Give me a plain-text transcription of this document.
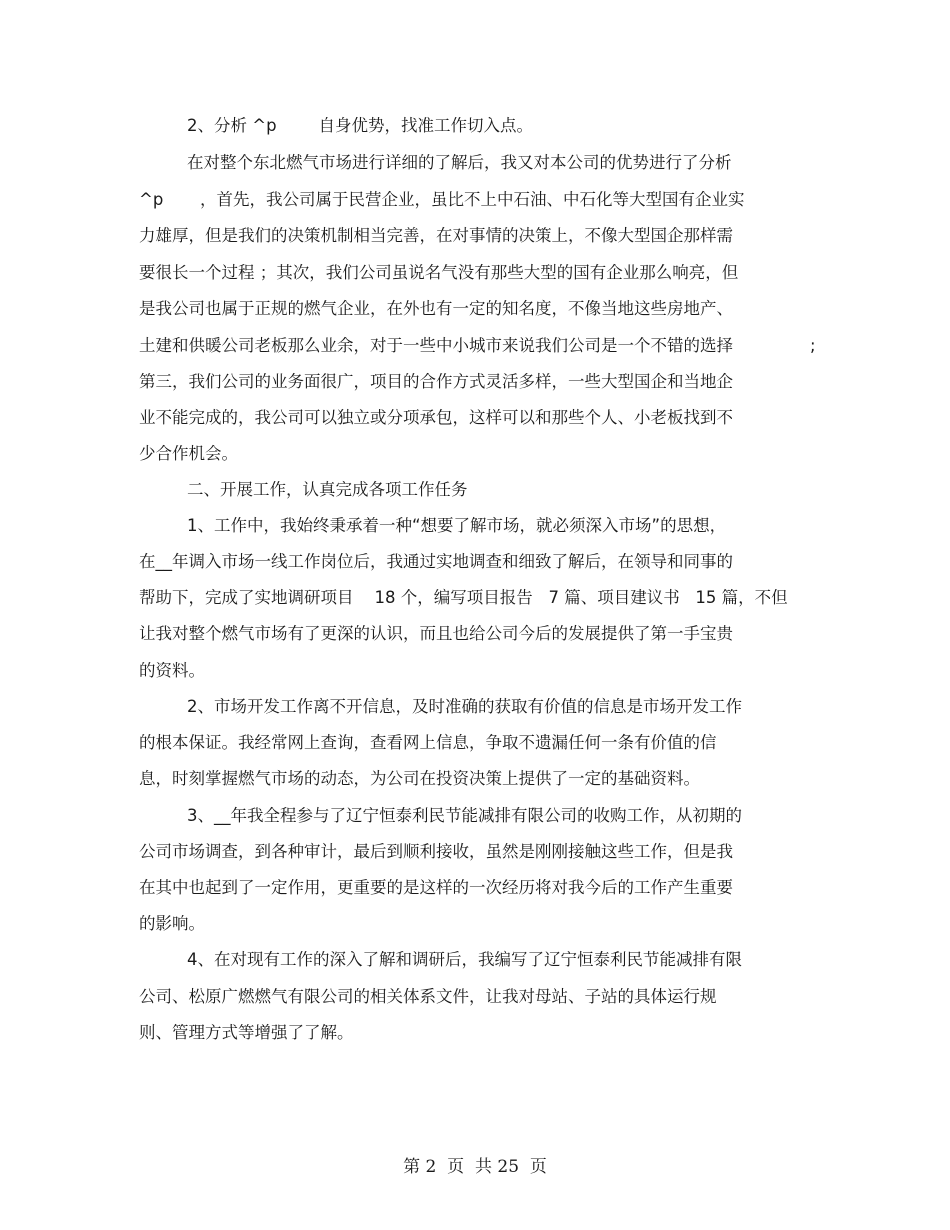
2、分析 ^p        自身优势，找准工作切入点。
在对整个东北燃气市场进行详细的了解后，我又对本公司的优势进行了分析
^p       ，首先，我公司属于民营企业，虽比不上中石油、中石化等大型国有企业实
力雄厚，但是我们的决策机制相当完善，在对事情的决策上，不像大型国企那样需
要很长一个过程 ；其次，我们公司虽说名气没有那些大型的国有企业那么响亮，但
是我公司也属于正规的燃气企业，在外也有一定的知名度，不像当地这些房地产、
土建和供暖公司老板那么业余，对于一些中小城市来说我们公司是一个不错的选择	;
第三，我们公司的业务面很广，项目的合作方式灵活多样，一些大型国企和当地企
业不能完成的，我公司可以独立或分项承包，这样可以和那些个人、小老板找到不
少合作机会。
二、开展工作，认真完成各项工作任务
1、工作中，我始终秉承着一种“想要了解市场，就必须深入市场”的思想，
在__年调入市场一线工作岗位后，我通过实地调查和细致了解后，在领导和同事的
帮助下，完成了实地调研项目    18 个，编写项目报告   7 篇、项目建议书   15 篇，不但
让我对整个燃气市场有了更深的认识，而且也给公司今后的发展提供了第一手宝贵
的资料。
2、市场开发工作离不开信息，及时准确的获取有价值的信息是市场开发工作
的根本保证。我经常网上查询，查看网上信息，争取不遗漏任何一条有价值的信
息，时刻掌握燃气市场的动态，为公司在投资决策上提供了一定的基础资料。
3、__年我全程参与了辽宁恒泰利民节能减排有限公司的收购工作，从初期的
公司市场调查，到各种审计，最后到顺利接收，虽然是刚刚接触这些工作，但是我
在其中也起到了一定作用，更重要的是这样的一次经历将对我今后的工作产生重要
的影响。
4、在对现有工作的深入了解和调研后，我编写了辽宁恒泰利民节能减排有限
公司、松原广燃燃气有限公司的相关体系文件，让我对母站、子站的具体运行规
则、管理方式等增强了了解。
第 2  页  共 25  页
